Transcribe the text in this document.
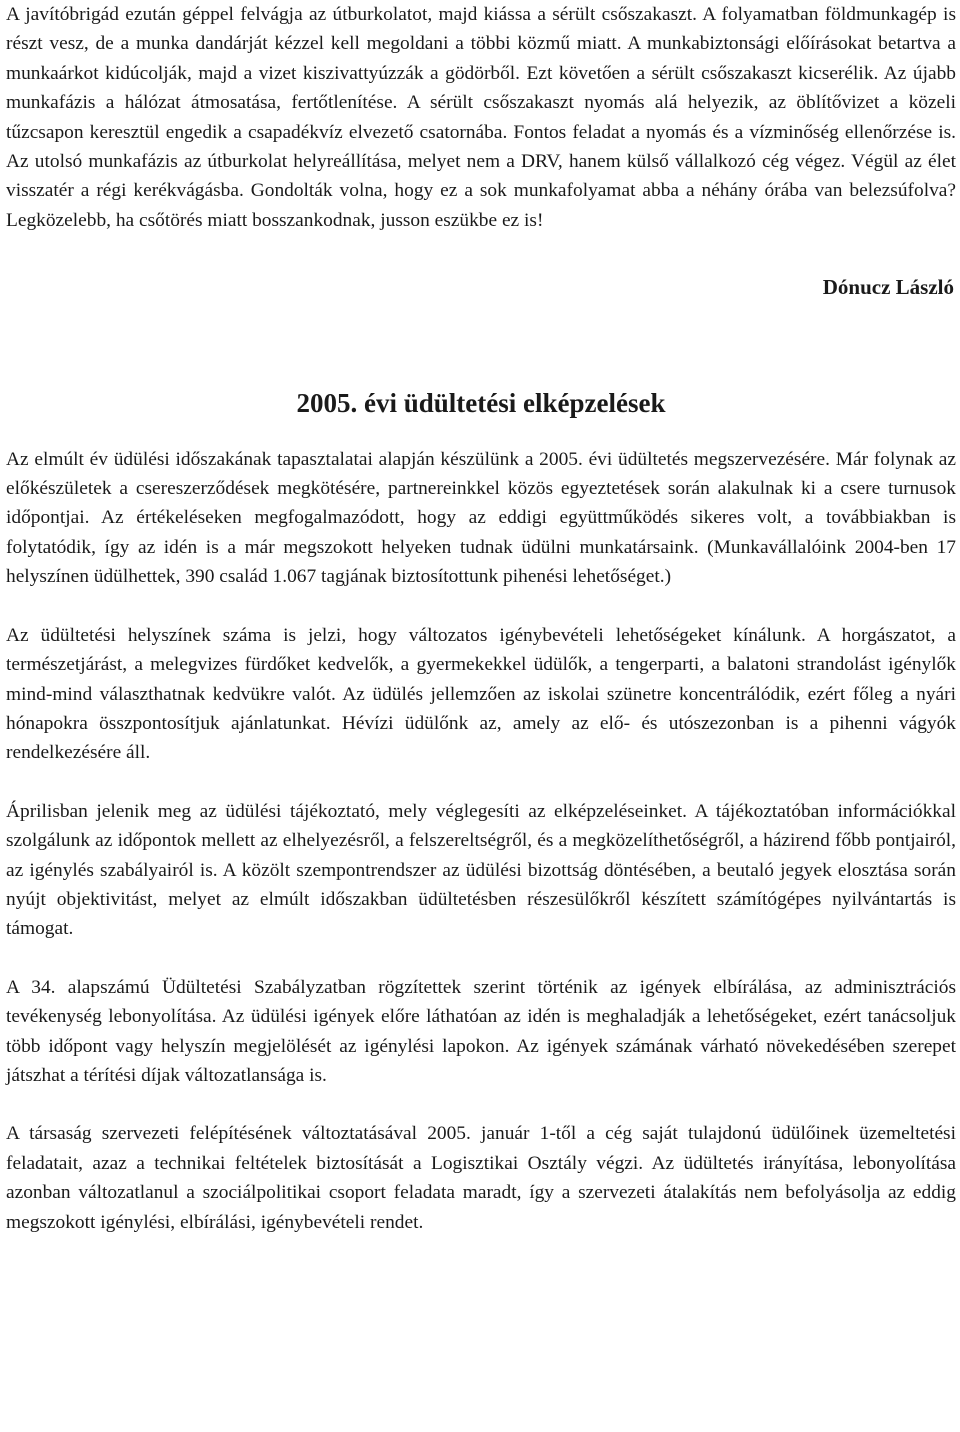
A javítóbrigád ezután géppel felvágja az útburkolatot, majd kiássa a sérült csőszakaszt. A folyamatban földmunkagép is részt vesz, de a munka dandárját kézzel kell megoldani a többi közmű miatt. A munkabiztonsági előírásokat betartva a munkaárkot kidúcolják, majd a vizet kiszivattyúzzák a gödörből. Ezt követően a sérült csőszakaszt kicserélik. Az újabb munkafázis a hálózat átmosatása, fertőtlenítése. A sérült csőszakaszt nyomás alá helyezik, az öblítővizet a közeli tűzcsapon keresztül engedik a csapadékvíz elvezető csatornába. Fontos feladat a nyomás és a vízminőség ellenőrzése is. Az utolsó munkafázis az útburkolat helyreállítása, melyet nem a DRV, hanem külső vállalkozó cég végez. Végül az élet visszatér a régi kerékvágásba. Gondolták volna, hogy ez a sok munkafolyamat abba a néhány órába van belezsúfolva? Legközelebb, ha csőtörés miatt bosszankodnak, jusson eszükbe ez is!

Dónucz László
2005. évi üdültetési elképzelések

Az elmúlt év üdülési időszakának tapasztalatai alapján készülünk a 2005. évi üdültetés megszervezésére. Már folynak az előkészületek a csereszerződések megkötésére, partnereinkkel közös egyeztetések során alakulnak ki a csere turnusok időpontjai. Az értékeléseken megfogalmazódott, hogy az eddigi együttműködés sikeres volt, a továbbiakban is folytatódik, így az idén is a már megszokott helyeken tudnak üdülni munkatársaink. (Munkavállalóink 2004-ben 17 helyszínen üdülhettek, 390 család 1.067 tagjának biztosítottunk pihenési lehetőséget.)

Az üdültetési helyszínek száma is jelzi, hogy változatos igénybevételi lehetőségeket kínálunk. A horgászatot, a természetjárást, a melegvizes fürdőket kedvelők, a gyermekekkel üdülők, a tengerparti, a balatoni strandolást igénylők mind-mind választhatnak kedvükre valót. Az üdülés jellemzően az iskolai szünetre koncentrálódik, ezért főleg a nyári hónapokra összpontosítjuk ajánlatunkat. Hévízi üdülőnk az, amely az elő- és utószezonban is a pihenni vágyók rendelkezésére áll.

Áprilisban jelenik meg az üdülési tájékoztató, mely véglegesíti az elképzeléseinket. A tájékoztatóban információkkal szolgálunk az időpontok mellett az elhelyezésről, a felszereltségről, és a megközelíthetőségről, a házirend főbb pontjairól, az igénylés szabályairól is. A közölt szempontrendszer az üdülési bizottság döntésében, a beutaló jegyek elosztása során nyújt objektivitást, melyet az elmúlt időszakban üdültetésben részesülőkről készített számítógépes nyilvántartás is támogat.

A 34. alapszámú Üdültetési Szabályzatban rögzítettek szerint történik az igények elbírálása, az adminisztrációs tevékenység lebonyolítása. Az üdülési igények előre láthatóan az idén is meghaladják a lehetőségeket, ezért tanácsoljuk több időpont vagy helyszín megjelölését az igénylési lapokon. Az igények számának várható növekedésében szerepet játszhat a térítési díjak változatlansága is.

A társaság szervezeti felépítésének változtatásával 2005. január 1-től a cég saját tulajdonú üdülőinek üzemeltetési feladatait, azaz a technikai feltételek biztosítását a Logisztikai Osztály végzi. Az üdültetés irányítása, lebonyolítása azonban változatlanul a szociálpolitikai csoport feladata maradt, így a szervezeti átalakítás nem befolyásolja az eddig megszokott igénylési, elbírálási, igénybevételi rendet.
